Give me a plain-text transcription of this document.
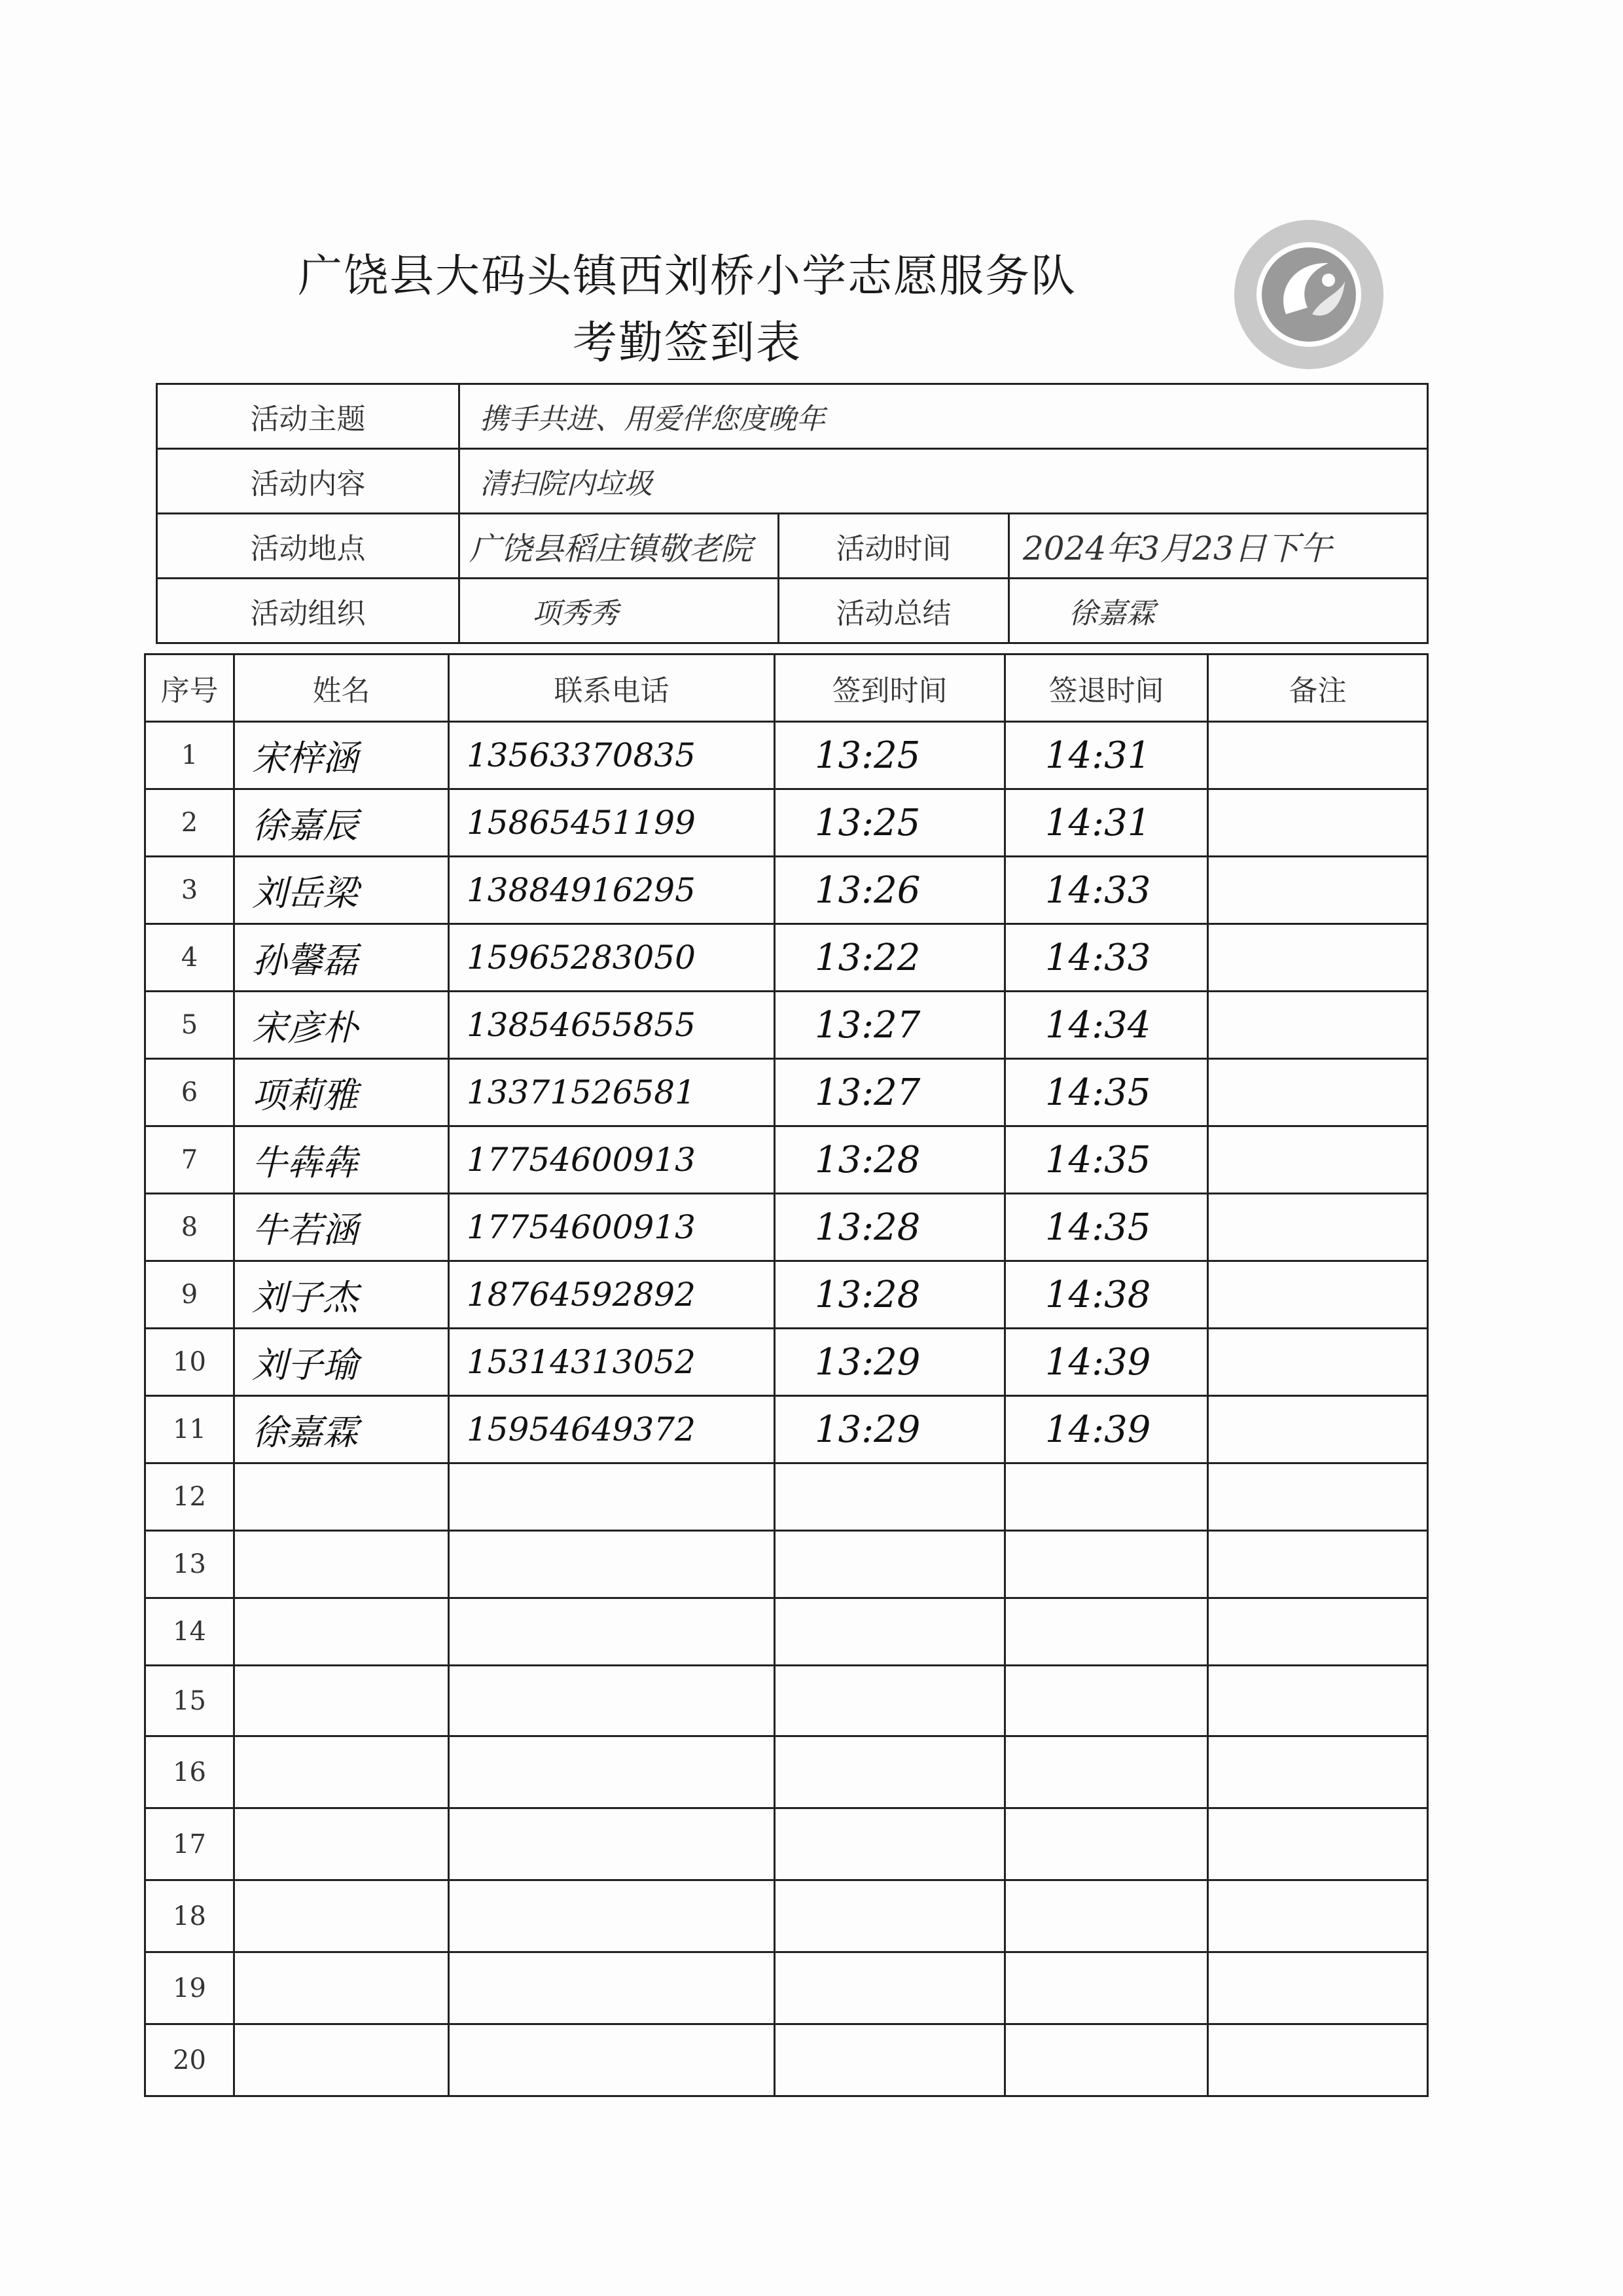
广饶县大码头镇西刘桥小学志愿服务队
考勤签到表
活动主题	携手共进、用爱伴您度晚年		
活动内容	清扫院内垃圾		
活动地点	广饶县稻庄镇敬老院	活动时间	2024年3月23日下午
活动组织	项秀秀	活动总结	徐嘉霖
序号	姓名	联系电话	签到时间	签退时间	备注
1	宋梓涵	13563370835	13:25	14:31	
2	徐嘉辰	15865451199	13:25	14:31	
3	刘岳梁	13884916295	13:26	14:33	
4	孙馨磊	15965283050	13:22	14:33	
5	宋彦朴	13854655855	13:27	14:34	
6	项莉雅	13371526581	13:27	14:35	
7	牛犇犇	17754600913	13:28	14:35	
8	牛若涵	17754600913	13:28	14:35	
9	刘子杰	18764592892	13:28	14:38	
10	刘子瑜	15314313052	13:29	14:39	
11	徐嘉霖	15954649372	13:29	14:39	
12					
13					
14					
15					
16					
17					
18					
19					
20					
